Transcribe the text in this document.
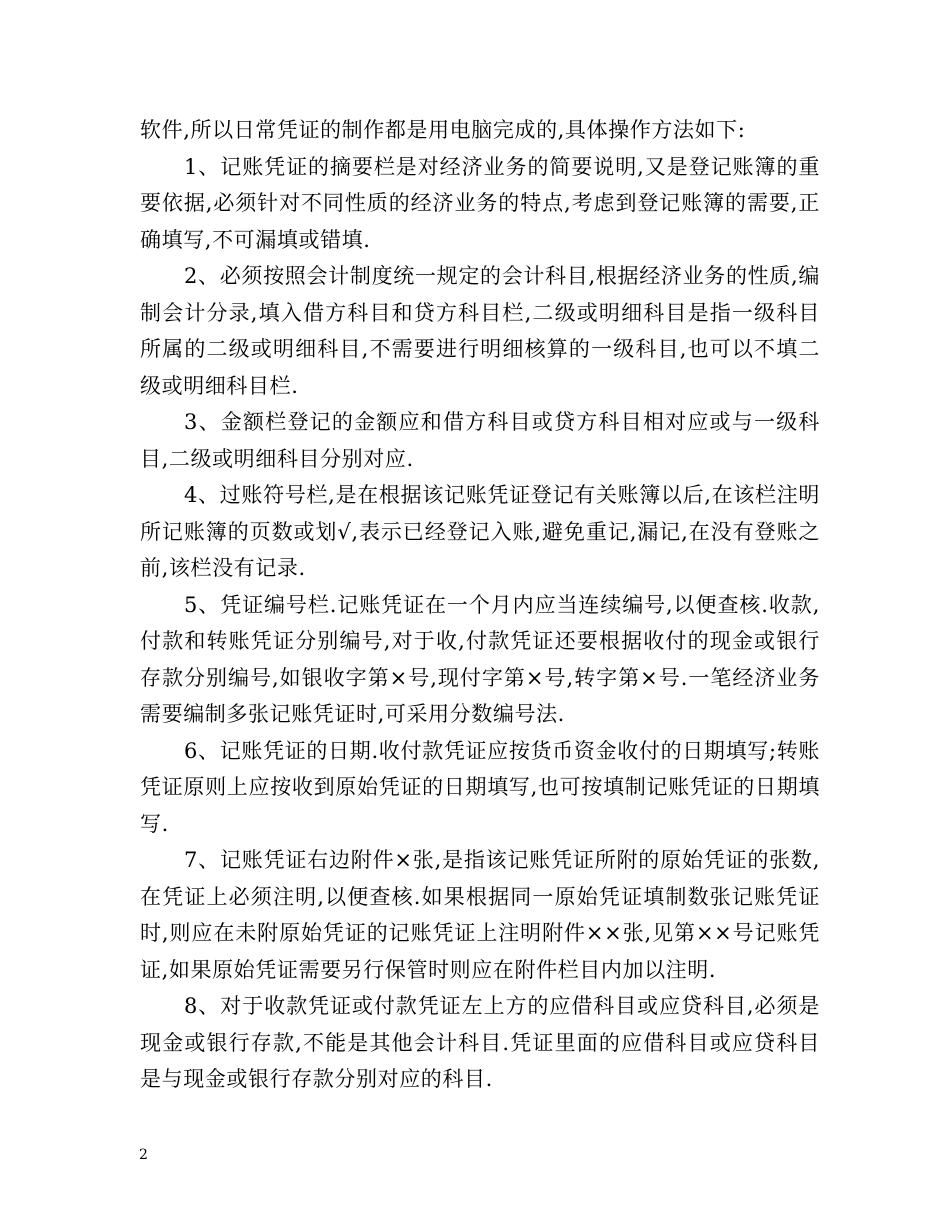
软件,所以日常凭证的制作都是用电脑完成的,具体操作方法如下:

1、记账凭证的摘要栏是对经济业务的简要说明,又是登记账簿的重要依据,必须针对不同性质的经济业务的特点,考虑到登记账簿的需要,正确填写,不可漏填或错填.

2、必须按照会计制度统一规定的会计科目,根据经济业务的性质,编制会计分录,填入借方科目和贷方科目栏,二级或明细科目是指一级科目所属的二级或明细科目,不需要进行明细核算的一级科目,也可以不填二级或明细科目栏.

3、金额栏登记的金额应和借方科目或贷方科目相对应或与一级科目,二级或明细科目分别对应.

4、过账符号栏,是在根据该记账凭证登记有关账簿以后,在该栏注明所记账簿的页数或划√,表示已经登记入账,避免重记,漏记,在没有登账之前,该栏没有记录.

5、凭证编号栏.记账凭证在一个月内应当连续编号,以便查核.收款,付款和转账凭证分别编号,对于收,付款凭证还要根据收付的现金或银行存款分别编号,如银收字第×号,现付字第×号,转字第×号.一笔经济业务需要编制多张记账凭证时,可采用分数编号法.

6、记账凭证的日期.收付款凭证应按货币资金收付的日期填写;转账凭证原则上应按收到原始凭证的日期填写,也可按填制记账凭证的日期填写.

7、记账凭证右边附件×张,是指该记账凭证所附的原始凭证的张数,在凭证上必须注明,以便查核.如果根据同一原始凭证填制数张记账凭证时,则应在未附原始凭证的记账凭证上注明附件××张,见第××号记账凭证,如果原始凭证需要另行保管时则应在附件栏目内加以注明.

8、对于收款凭证或付款凭证左上方的应借科目或应贷科目,必须是现金或银行存款,不能是其他会计科目.凭证里面的应借科目或应贷科目是与现金或银行存款分别对应的科目.

2
